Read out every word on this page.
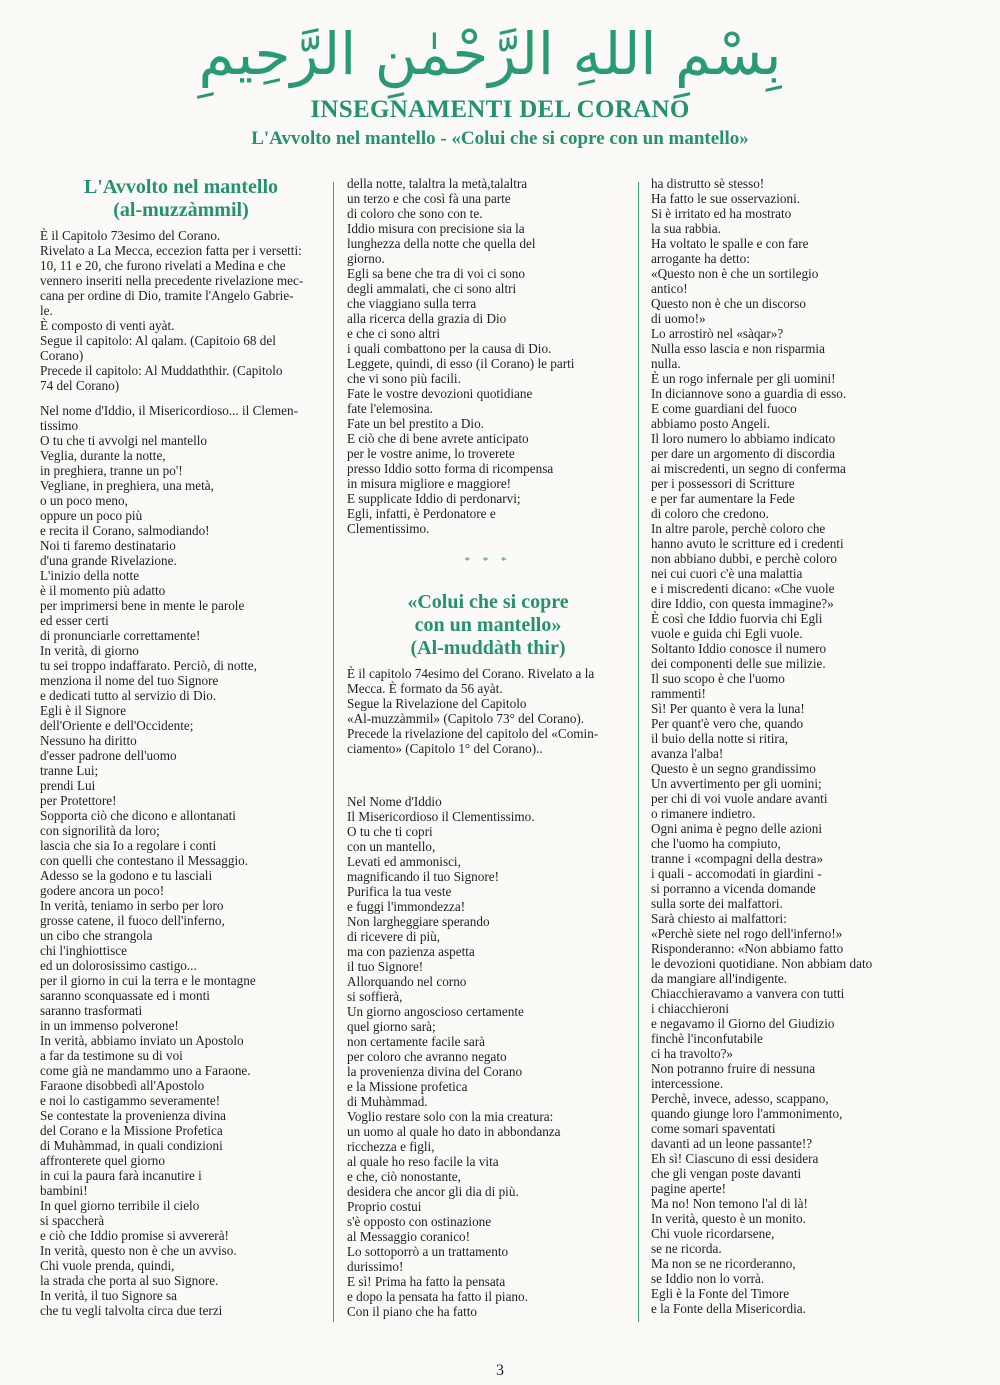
بِسْمِ اللهِ الرَّحْمٰنِ الرَّحِيمِ
INSEGNAMENTI DEL CORANO
L'Avvolto nel mantello - «Colui che si copre con un mantello»
L'Avvolto nel mantello
(al-muzzàmmil)
È il Capitolo 73esimo del Corano.
Rivelato a La Mecca, eccezion fatta per i versetti:
10, 11 e 20, che furono rivelati a Medina e che
vennero inseriti nella precedente rivelazione mec-
cana per ordine di Dio, tramite l'Angelo Gabrie-
le.
È composto di venti ayàt.
Segue il capitolo: Al qalam. (Capitoio 68 del
Corano)
Precede il capitolo: Al Muddaththir. (Capitolo
74 del Corano)
Nel nome d'Iddio, il Misericordioso... il Clemen-
tissimo
O tu che ti avvolgi nel mantello
Veglia, durante la notte,
in preghiera, tranne un po'!
Vegliane, in preghiera, una metà,
o un poco meno,
oppure un poco più
e recita il Corano, salmodiando!
Noi ti faremo destinatario
d'una grande Rivelazione.
L'inizio della notte
è il momento più adatto
per imprimersi bene in mente le parole
ed esser certi
di pronunciarle correttamente!
In verità, di giorno
tu sei troppo indaffarato. Perciò, di notte,
menziona il nome del tuo Signore
e dedicati tutto al servizio di Dio.
Egli è il Signore
dell'Oriente e dell'Occidente;
Nessuno ha diritto
d'esser padrone dell'uomo
tranne Lui;
prendi Lui
per Protettore!
Sopporta ciò che dicono e allontanati
con signorilità da loro;
lascia che sia Io a regolare i conti
con quelli che contestano il Messaggio.
Adesso se la godono e tu lasciali
godere ancora un poco!
In verità, teniamo in serbo per loro
grosse catene, il fuoco dell'inferno,
un cibo che strangola
chi l'inghiottisce
ed un dolorosissimo castigo...
per il giorno in cui la terra e le montagne
saranno sconquassate ed i monti
saranno trasformati
in un immenso polverone!
In verità, abbiamo inviato un Apostolo
a far da testimone su di voi
come già ne mandammo uno a Faraone.
Faraone disobbedì all'Apostolo
e noi lo castigammo severamente!
Se contestate la provenienza divina
del Corano e la Missione Profetica
di Muhàmmad, in quali condizioni
affronterete quel giorno
in cui la paura farà incanutire i
bambini!
In quel giorno terribile il cielo
si spaccherà
e ciò che Iddio promise si avvererà!
In verità, questo non è che un avviso.
Chi vuole prenda, quindi,
la strada che porta al suo Signore.
In verità, il tuo Signore sa
che tu vegli talvolta circa due terzi
della notte, talaltra la metà,talaltra
un terzo e che così fà una parte
di coloro che sono con te.
Iddio misura con precisione sia la
lunghezza della notte che quella del
giorno.
Egli sa bene che tra di voi ci sono
degli ammalati, che ci sono altri
che viaggiano sulla terra
alla ricerca della grazia di Dio
e che ci sono altri
i quali combattono per la causa di Dio.
Leggete, quindi, di esso (il Corano) le parti
che vi sono più facili.
Fate le vostre devozioni quotidiane
fate l'elemosina.
Fate un bel prestito a Dio.
E ciò che di bene avrete anticipato
per le vostre anime, lo troverete
presso Iddio sotto forma di ricompensa
in misura migliore e maggiore!
E supplicate Iddio di perdonarvi;
Egli, infatti, è Perdonatore e
Clementissimo.
* * *
«Colui che si copre
con un mantello»
(Al-muddàth thir)
È il capitolo 74esimo del Corano. Rivelato a la
Mecca. È formato da 56 ayàt.
Segue la Rivelazione del Capitolo
«Al-muzzàmmil» (Capitolo 73° del Corano).
Precede la rivelazione del capitolo del «Comin-
ciamento» (Capitolo 1° del Corano)..
Nel Nome d'Iddio
Il Misericordioso il Clementissimo.
O tu che ti copri
con un mantello,
Levati ed ammonisci,
magnificando il tuo Signore!
Purifica la tua veste
e fuggi l'immondezza!
Non largheggiare sperando
di ricevere di più,
ma con pazienza aspetta
il tuo Signore!
Allorquando nel corno
si soffierà,
Un giorno angoscioso certamente
quel giorno sarà;
non certamente facile sarà
per coloro che avranno negato
la provenienza divina del Corano
e la Missione profetica
di Muhàmmad.
Voglio restare solo con la mia creatura:
un uomo al quale ho dato in abbondanza
ricchezza e figli,
al quale ho reso facile la vita
e che, ciò nonostante,
desidera che ancor gli dia di più.
Proprio costui
s'è opposto con ostinazione
al Messaggio coranico!
Lo sottoporrò a un trattamento
durissimo!
E sì! Prima ha fatto la pensata
e dopo la pensata ha fatto il piano.
Con il piano che ha fatto
ha distrutto sè stesso!
Ha fatto le sue osservazioni.
Si è irritato ed ha mostrato
la sua rabbia.
Ha voltato le spalle e con fare
arrogante ha detto:
«Questo non è che un sortilegio
antico!
Questo non è che un discorso
di uomo!»
Lo arrostirò nel «sàqar»?
Nulla esso lascia e non risparmia
nulla.
È un rogo infernale per gli uomini!
In diciannove sono a guardia di esso.
E come guardiani del fuoco
abbiamo posto Angeli.
Il loro numero lo abbiamo indicato
per dare un argomento di discordia
ai miscredenti, un segno di conferma
per i possessori di Scritture
e per far aumentare la Fede
di coloro che credono.
In altre parole, perchè coloro che
hanno avuto le scritture ed i credenti
non abbiano dubbi, e perchè coloro
nei cui cuori c'è una malattia
e i miscredenti dicano: «Che vuole
dire Iddio, con questa immagine?»
È così che Iddio fuorvia chi Egli
vuole e guida chi Egli vuole.
Soltanto Iddio conosce il numero
dei componenti delle sue milizie.
Il suo scopo è che l'uomo
rammenti!
Sì! Per quanto è vera la luna!
Per quant'è vero che, quando
il buio della notte si ritira,
avanza l'alba!
Questo è un segno grandissimo
Un avvertimento per gli uomini;
per chi di voi vuole andare avanti
o rimanere indietro.
Ogni anima è pegno delle azioni
che l'uomo ha compiuto,
tranne i «compagni della destra»
i quali - accomodati in giardini -
si porranno a vicenda domande
sulla sorte dei malfattori.
Sarà chiesto ai malfattori:
«Perchè siete nel rogo dell'inferno!»
Risponderanno: «Non abbiamo fatto
le devozioni quotidiane. Non abbiam dato
da mangiare all'indigente.
Chiacchieravamo a vanvera con tutti
i chiacchieroni
e negavamo il Giorno del Giudizio
finchè l'inconfutabile
ci ha travolto?»
Non potranno fruire di nessuna
intercessione.
Perchè, invece, adesso, scappano,
quando giunge loro l'ammonimento,
come somari spaventati
davanti ad un leone passante!?
Eh sì! Ciascuno di essi desidera
che gli vengan poste davanti
pagine aperte!
Ma no! Non temono l'al di là!
In verità, questo è un monito.
Chi vuole ricordarsene,
se ne ricorda.
Ma non se ne ricorderanno,
se Iddio non lo vorrà.
Egli è la Fonte del Timore
e la Fonte della Misericordia.
3
